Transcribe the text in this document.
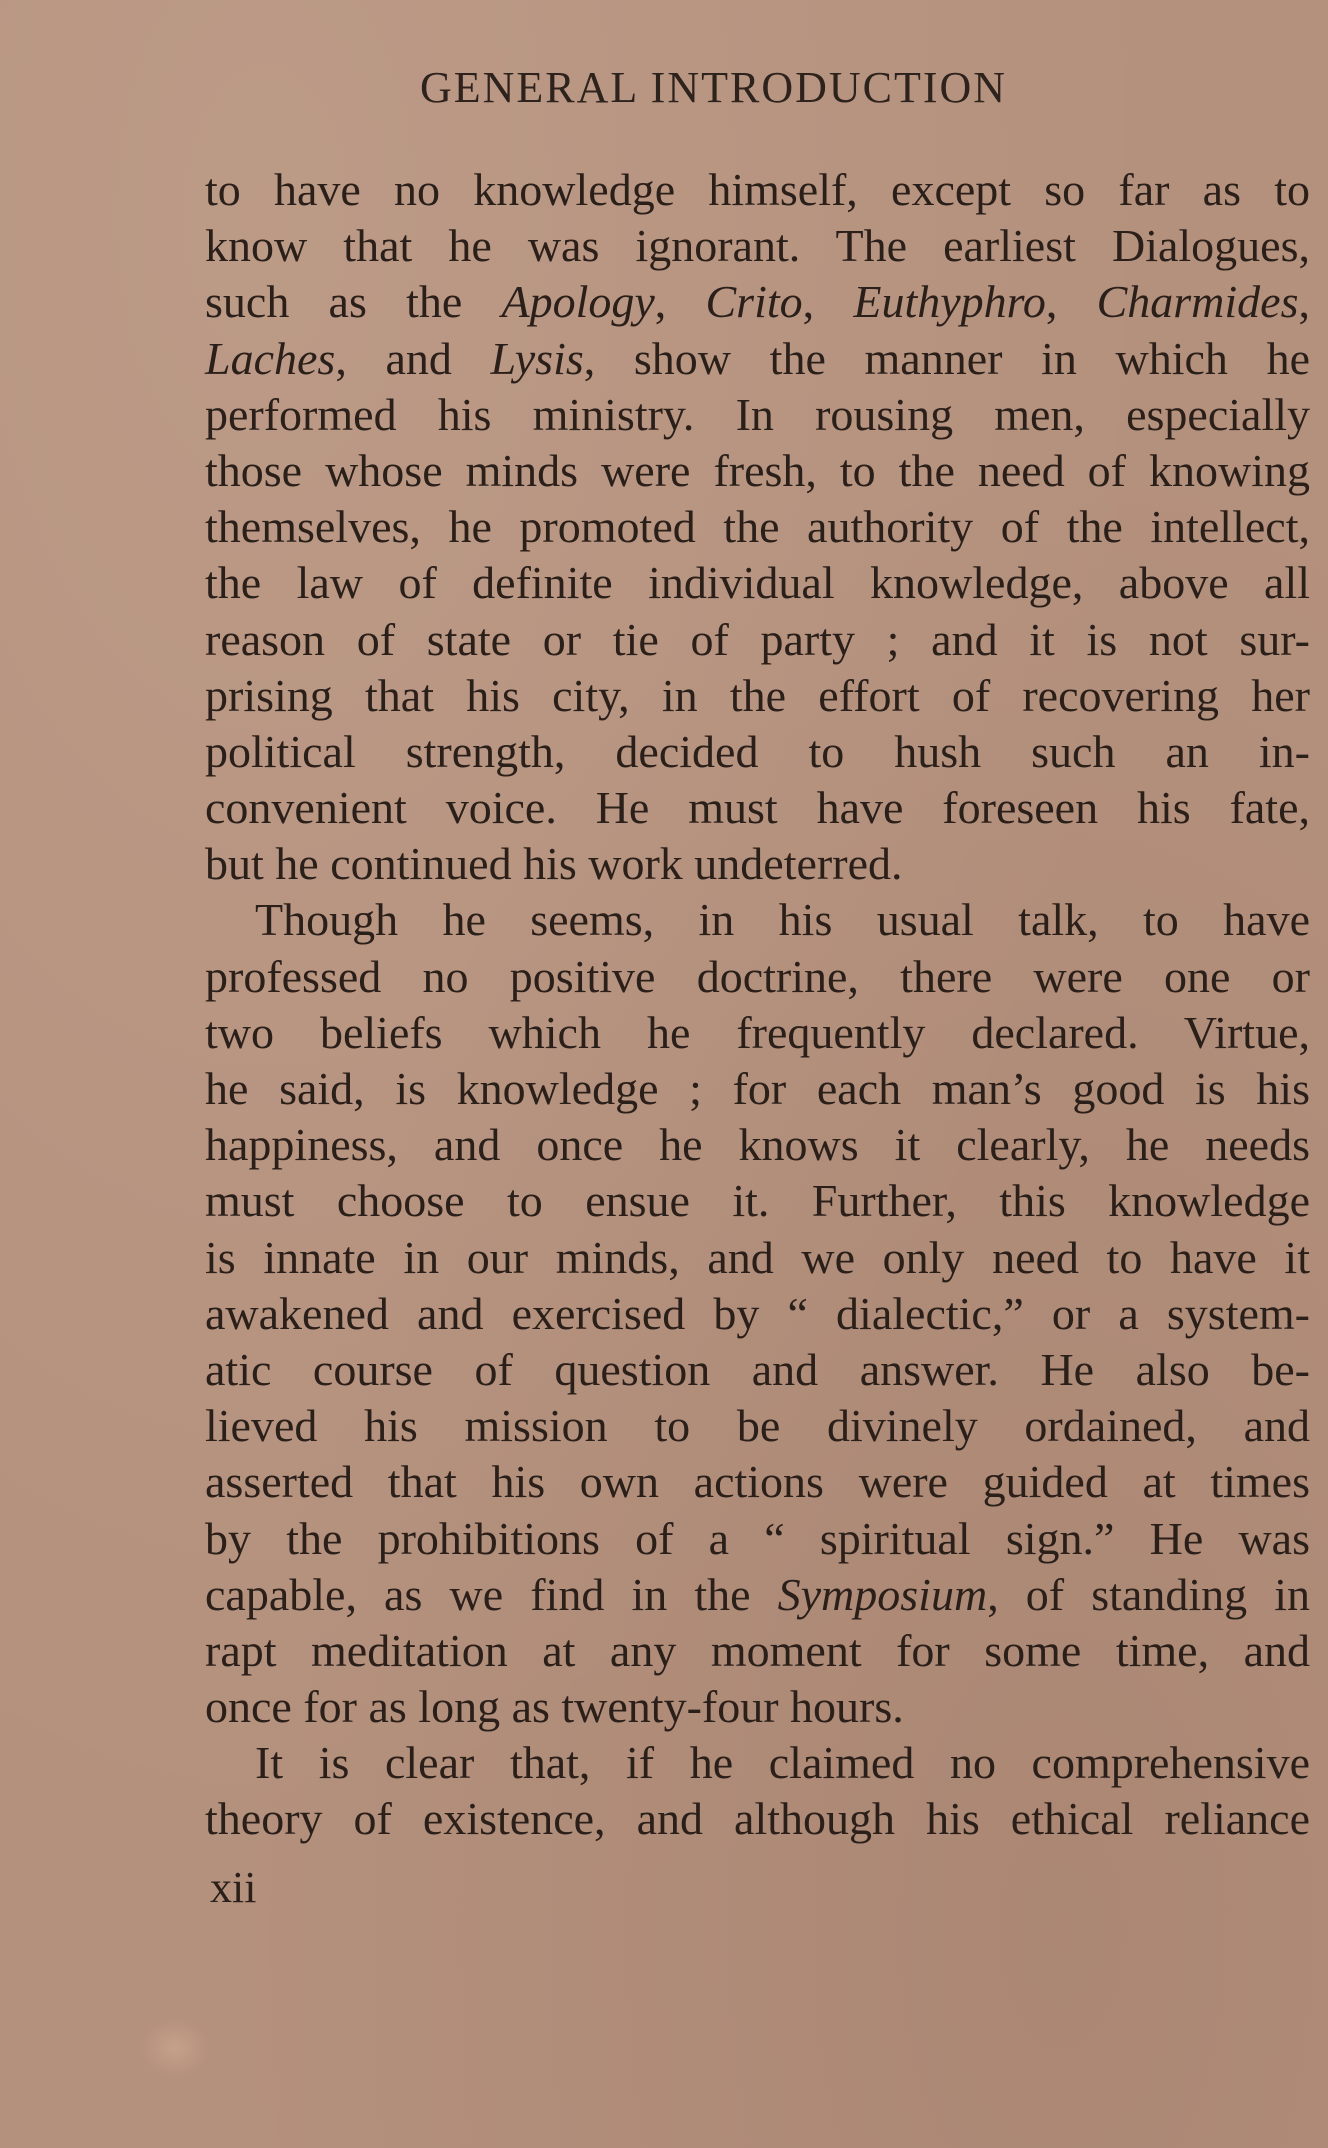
GENERAL INTRODUCTION
to have no knowledge himself, except so far as to
know that he was ignorant. The earliest Dialogues,
such as the Apology, Crito, Euthyphro, Charmides,
Laches, and Lysis, show the manner in which he
performed his ministry. In rousing men, especially
those whose minds were fresh, to the need of knowing
themselves, he promoted the authority of the intellect,
the law of definite individual knowledge, above all
reason of state or tie of party ; and it is not sur-
prising that his city, in the effort of recovering her
political strength, decided to hush such an in-
convenient voice. He must have foreseen his fate,
but he continued his work undeterred.
Though he seems, in his usual talk, to have
professed no positive doctrine, there were one or
two beliefs which he frequently declared. Virtue,
he said, is knowledge ; for each man’s good is his
happiness, and once he knows it clearly, he needs
must choose to ensue it. Further, this knowledge
is innate in our minds, and we only need to have it
awakened and exercised by “ dialectic,” or a system-
atic course of question and answer. He also be-
lieved his mission to be divinely ordained, and
asserted that his own actions were guided at times
by the prohibitions of a “ spiritual sign.” He was
capable, as we find in the Symposium, of standing in
rapt meditation at any moment for some time, and
once for as long as twenty-four hours.
It is clear that, if he claimed no comprehensive
theory of existence, and although his ethical reliance
xii
